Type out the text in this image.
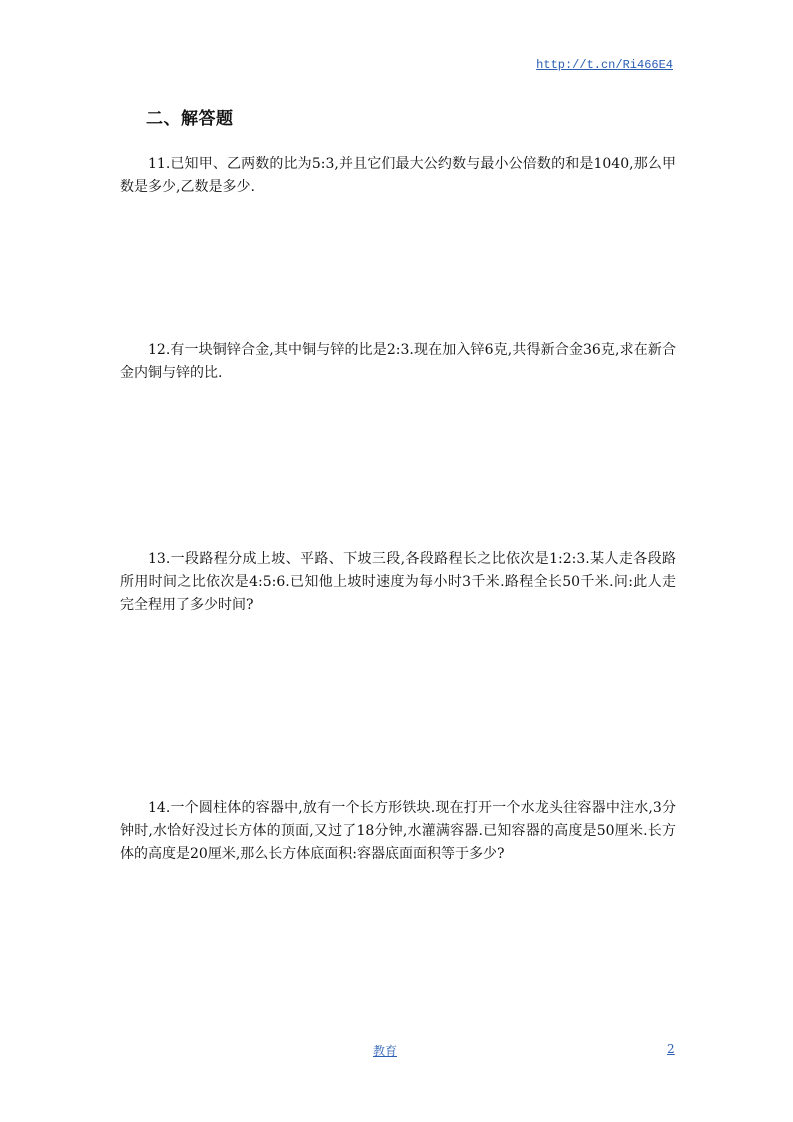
http://t.cn/Ri466E4
二、解答题

11.已知甲、乙两数的比为5:3,并且它们最大公约数与最小公倍数的和是1040,那么甲数是多少,乙数是多少.

12.有一块铜锌合金,其中铜与锌的比是2:3.现在加入锌6克,共得新合金36克,求在新合金内铜与锌的比.

13.一段路程分成上坡、平路、下坡三段,各段路程长之比依次是1:2:3.某人走各段路所用时间之比依次是4:5:6.已知他上坡时速度为每小时3千米.路程全长50千米.问:此人走完全程用了多少时间?

14.一个圆柱体的容器中,放有一个长方形铁块.现在打开一个水龙头往容器中注水,3分钟时,水恰好没过长方体的顶面,又过了18分钟,水灌满容器.已知容器的高度是50厘米.长方体的高度是20厘米,那么长方体底面积:容器底面面积等于多少?

教育	2
